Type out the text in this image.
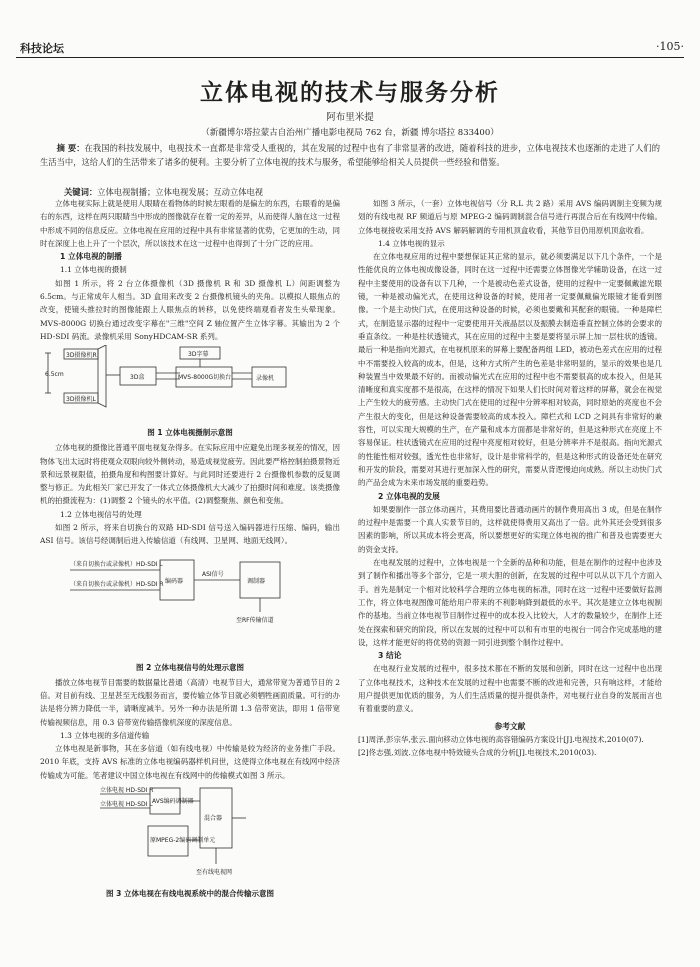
科技论坛	·105·
立体电视的技术与服务分析
阿布里米提
（新疆博尔塔拉蒙古自治州广播电影电视局 762 台，新疆 博尔塔拉 833400）
摘 要：在我国的科技发展中，电视技术一直都是非常受人重视的，其在发展的过程中也有了非常显著的改进，随着科技的进步，立体电视技术也逐渐的走进了人们的生活当中，这给人们的生活带来了诸多的便利。主要分析了立体电视的技术与服务，希望能够给相关人员提供一些经验和借鉴。
关键词：立体电视制播；立体电视发展；互动立体电视

立体电视实际上就是使用人眼睛在看物体的时候左眼看的是偏左的东西，右眼看的是偏右的东西，这样在两只眼睛当中形成的图像就存在着一定的差异，从而使得人脑在这一过程中形成不同的信息反应。立体电视在应用的过程中具有非常显著的优势，它更加的生动，同时在深度上也上升了一个层次，所以该技术在这一过程中也得到了十分广泛的应用。

1 立体电视的制播
1.1 立体电视的摄制

如图 1 所示，将 2 台立体摄像机（3D 摄像机 R 和 3D 摄像机 L）间距调整为 6.5cm。与正常成年人相当。3D 盒用来改变 2 台摄像机镜头的夹角。以模拟人眼焦点的改变，使镜头推拉时的图像能跟上人眼焦点的转移，以免使终端观看者发生头晕现象。MVS-8000G 切换台通过改变字幕在"三维"空间 Z 轴位置产生立体字幕。其输出为 2 个 HD-SDI 码流。录像机采用 SonyHDCAM-SR 系列。

6.5cm
3D摄像机R
3D摄像机L
3D盒
3D字幕
MVS-8000G切换台	录像机
图 1 立体电视摄制示意图

立体电视的摄像比普通平面电视复杂得多。在实际应用中应避免出现多视差的情况，因物体飞出太远时将使观众双眼向较外侧转动，易造成视觉疲劳。因此要严格控制拍摄景物近景和远景视限值，拍摄角度和构图要计算好。与此同时还要进行 2 台摄像机参数的反复调整与修正。为此相关厂家已开发了一体式立体摄像机大大减少了拍摄时间和难度。该类摄像机的拍摄流程为：(1)调整 2 个镜头的水平值。(2)调整聚焦、颜色和变焦。

1.2 立体电视信号的处理

如图 2 所示，将来自切换台的双路 HD-SDI 信号送入编码器进行压缩、编码，输出 ASI 信号。该信号经调制后进入传输信道（有线网、卫星网、地面无线网）。

（来自切换台或录像机）HD-SDI L
（来自切换台或录像机）HD-SDI R 编码器
ASI信号
调制器
至RF传输信道
图 2 立体电视信号的处理示意图

播放立体电视节目需要的数据量比普通（高清）电视节目大，通常带宽为普通节目的 2 倍。对目前有线、卫星甚至无线服务而言，要传输立体节目就必须牺牲画面质量。可行的办法是将分辨力降低一半，请晰度减半。另外一种办法是所谓 1.3 倍带宽法，即用 1 倍带宽传输视频信息，用 0.3 倍带宽传输搭像机深度的深度信息。

1.3 立体电视的多信道传输

立体电视是新事物，其在多信道（如有线电视）中传输是较为经济的业务推广手段。2010 年底，支持 AVS 标准的立体电视编码器样机问世，这使得立体电视在有线网中经济传输成为可能。笔者建议中国立体电视在有线网中的传输模式如图 3 所示。

立体电视 HD-SDI R
立体电视 HD-SDI L AVS编码调制器
混合器
原MPEG-2编码调制单元
至有线电视网
图 3 立体电视在有线电视系统中的混合传输示意图

如图 3 所示，（一套）立体电视信号（分 R,L 共 2 路）采用 AVS 编码调制主变频为规划的有线电视 RF 频道后与原 MPEG-2 编码调制混合信号进行再混合后在有线网中传输。立体电视接收采用支持 AVS 解码解调的专用机顶盒收看，其他节目仍用原机顶盒收看。

1.4 立体电视的显示

在立体电视应用的过程中要想保证其正常的显示，就必须要满足以下几个条件，一个是性能优良的立体电视成像设备，同时在这一过程中还需要立体图像光学辅助设备，在这一过程中主要使用的设备有以下几种，一个是被动色差式设备，使用的过程中一定要佩戴滤光眼镜，一种是被动偏光式，在使用这种设备的时候，使用者一定要佩戴偏光眼镜才能看到图像。一个是主动快门式，在使用这种设备的时候，必须也要戴和其配套的眼镜。一种是障栏式，在制造显示器的过程中一定要使用开关液晶层以及振膜去制造垂直控制立体的会要求的垂直条纹。一种是柱状透镜式，其在应用的过程中主要是要将显示屏上加一层柱状的透镜。最后一种是指向光源式，在电视机原来的屏幕上要配备两组 LED，被动色差式在应用的过程中不需要投入较高的成本，但是，这种方式所产生的色差是非常明显的，显示的效果也是几种装置当中效果最不好的。而被动偏光式在应用的过程中也不需要很高的成本投入，但是其清晰度和真实度都不是很高，在这样的情况下如果人们长时间对着这样的屏幕，就会在视觉上产生较大的疲劳感。主动快门式在使用的过程中分辨率相对较高，同时原始的亮度也不会产生很大的变化，但是这种设备需要较高的成本投入。障栏式和 LCD 之间具有非常好的兼容性，可以实现大规模的生产，在产量和成本方面都是非常好的，但是这种形式在亮度上不容易保证。柱状透镜式在应用的过程中亮度相对较好，但是分辨率并不是很高。指向光源式的性能性相对较强，透光性也非常好，设计是非常科学的，但是这种形式的设备还处在研究和开发的阶段，需要对其进行更加深入性的研究，需要从背逻慢迫向成熟。所以主动快门式的产品会成为未来市场发展的重要趋势。

2 立体电视的发展

如果要制作一部立体动画片，其费用要比普通动画片的制作费用高出 3 成，但是在制作的过程中是需要一个真人实景节目的，这样就使得费用又高出了一倍。此外其还会受到很多因素的影响，所以其成本将会更高，所以要想更好的实现立体电视的推广和普及也需要更大的资金支持。

在电视发展的过程中，立体电视是一个全新的品种和功能，但是在制作的过程中也涉及到了制作和播出等多个部分，它是一项大胆的创新，在发展的过程中可以从以下几个方面入手。首先是制定一个相对比较科学合理的立体电视的标准，同时在这一过程中还要做好监测工作，将立体电视图像可能给用户带来的不利影响降到最低的水平。其次是建立立体电视制作的基地。当前立体电视节目制作过程中的成本投入比较大，人才的数量较少，在制作上还处在探索和研究的阶段，所以在发展的过程中可以和有市里的电视台一同合作完成基地的建设，这样才能更好的将优势的资源一同引进到整个制作过程中。

3 结论

在电视行业发展的过程中，很多技术都在不断的发展和创新，同时在这一过程中也出现了立体电视技术，这种技术在发展的过程中也需要不断的改进和完善，只有响这样，才能给用户提供更加优质的服务，为人们生活质量的提升提供条件，对电视行业自身的发展而言也有着重要的意义。

参考文献

[1]周泽,彭宗华,张云.面向移动立体电视的高容错编码方案设计[J].电视技术,2010(07).

[2]佟志强,刘波.立体电视中特效镜头合成的分析[J].电视技术,2010(03).
